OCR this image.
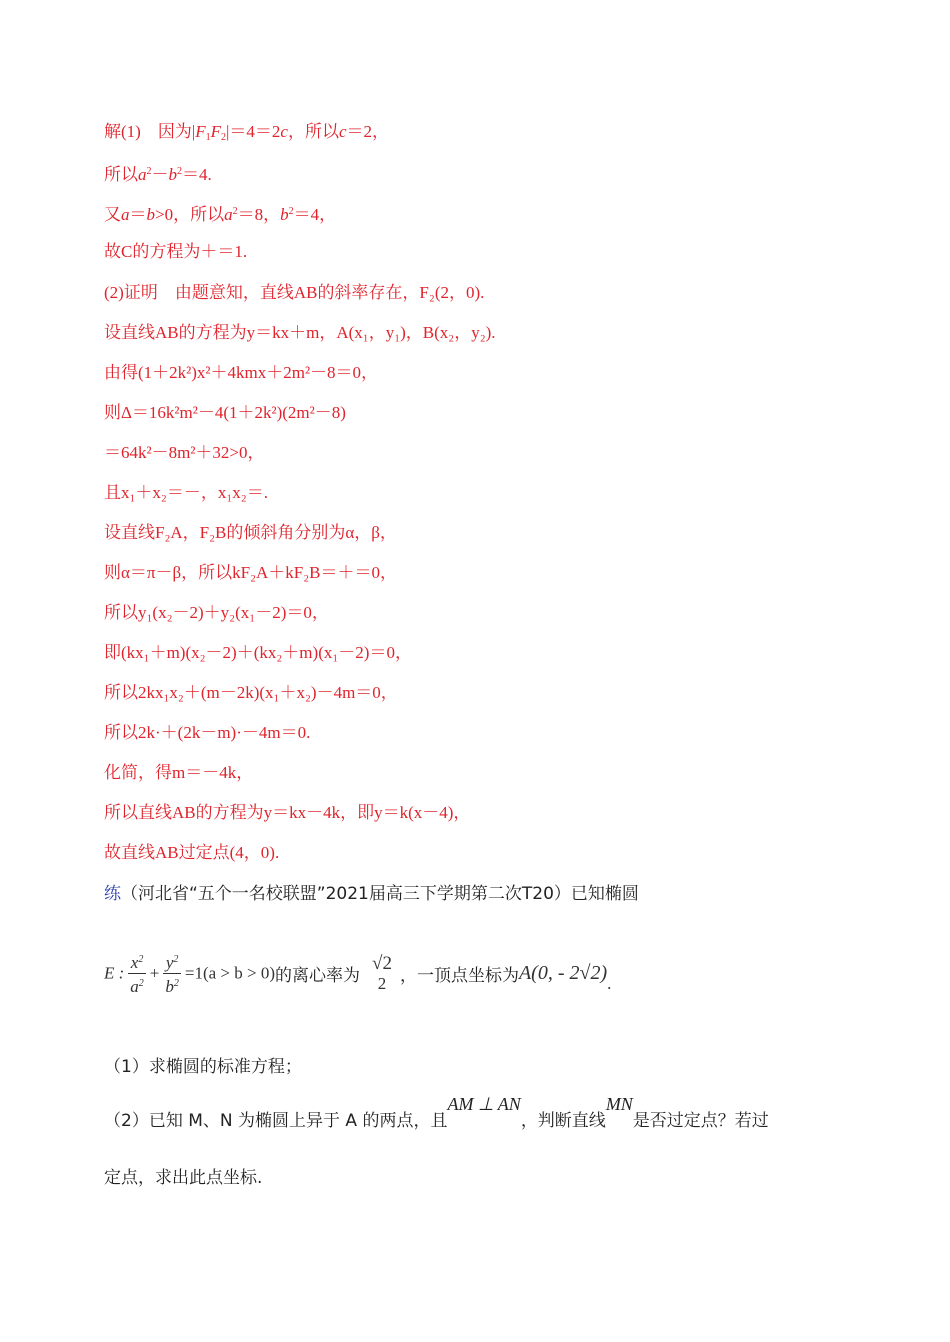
解(1)　因为$|F_1F_2|=4=2c$，所以c＝2，
所以$a^2-b^2=4$.
又a＝b>0，所以$a^2=8$，$b^2=4$，
故C的方程为＋＝1.
(2)证明　由题意知，直线AB的斜率存在，F₂(2，0).
设直线AB的方程为y＝kx＋m，A(x₁，y₁)，B(x₂，y₂).
由得(1＋2k²)x²＋4kmx＋2m²－8＝0，
则Δ＝16k²m²－4(1＋2k²)(2m²－8)
＝64k²－8m²＋32>0，
且x₁＋x₂＝－，x₁x₂＝.
设直线F₂A，F₂B的倾斜角分别为α，β，
则α＝π－β，所以kF₂A＋kF₂B＝＋＝0，
所以y₁(x₂－2)＋y₂(x₁－2)＝0，
即(kx₁＋m)(x₂－2)＋(kx₂＋m)(x₁－2)＝0，
所以2kx₁x₂＋(m－2k)(x₁＋x₂)－4m＝0，
所以2k·＋(2k－m)·－4m＝0.
化简，得m＝－4k，
所以直线AB的方程为y＝kx－4k，即y＝k(x－4)，
故直线AB过定点(4，0).
练（河北省“五个一名校联盟”2021届高三下学期第二次T20）已知椭圆
E : $\frac{x^2}{a^2} + \frac{y^2}{b^2} =1(a > b > 0)$的离心率为
√2
2 ，一顶点坐标为A(0, - 2√2).
（1）求椭圆的标准方程；
（2）已知 M、N 为椭圆上异于 A 的两点，且AM ⊥ AN，判断直线MN是否过定点？若过
定点，求出此点坐标.
